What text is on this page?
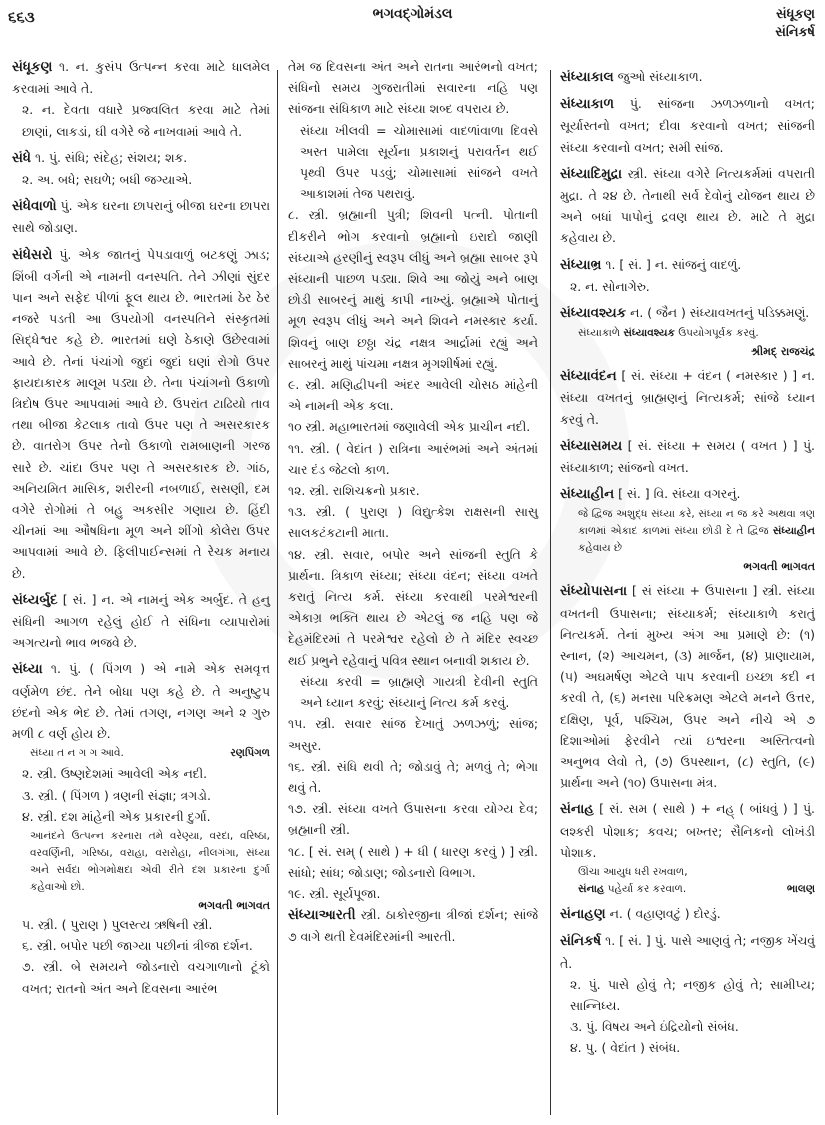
૬૬૩	ભગવદ્ગોમંડલ	સંધૂકણ
સંનિકર્ષ
સંધૂકણ ૧. ન. કુસંપ ઉત્પન્ન કરવા માટે ધાલમેલ કરવામાં આવે તે.

૨. ન. દેવતા વધારે પ્રજ્વલિત કરવા માટે તેમાં છાણાં, લાકડાં, ઘી વગેરે જે નાખવામાં આવે તે.

સંધે ૧. પું. સંધિ; સંદેહ; સંશય; શક.

૨. અ. બધે; સઘળે; બધી જગ્યાએ.

સંધેવાળો પું. એક ઘરના છાપરાનું બીજા ઘરના છાપરા સાથે જોડાણ.
સંધેસરો પું. એક જાતનું પેપડાવાળું બટકણું ઝાડ; શિંબી વર્ગની એ નામની વનસ્પતિ. તેને ઝીણાં સુંદર પાન અને સફેદ પીળાં ફૂલ થાય છે. ભારતમાં ઠેર ઠેર નજરે પડતી આ ઉપયોગી વનસ્પતિને સંસ્કૃતમાં સિદ્ધેશ્વર કહે છે. ભારતમાં ઘણે ઠેકાણે ઉછેરવામાં આવે છે. તેનાં પંચાંગો જુદાં જુદાં ઘણાં રોગો ઉપર ફાયદાકારક માલૂમ પડ્યા છે. તેના પંચાંગનો ઉકાળો ત્રિદોષ ઉપર આપવામાં આવે છે. ઉપરાંત ટાઢિયો તાવ તથા બીજા કેટલાક તાવો ઉપર પણ તે અસરકારક છે. વાતરોગ ઉપર તેનો ઉકાળો રામબાણની ગરજ સારે છે. ચાંદા ઉપર પણ તે અસરકારક છે. ગાંઠ, અનિયમિત માસિક, શરીરની નબળાઈ, સસણી, દમ વગેરે રોગોમાં તે બહુ અકસીર ગણાય છે. હિંદી ચીનમાં આ ઔષધિના મૂળ અને શીંગો કોલેરા ઉપર આપવામાં આવે છે. ફિલીપાઈન્સમાં તે રેચક મનાય છે.
સંધ્યર્બુદ [ સં. ] ન. એ નામનું એક અર્બુદ. તે હનુ સંધિની આગળ રહેલું હોઈ તે સંધિના વ્યાપારોમાં અગત્યનો ભાવ ભજવે છે.
સંધ્યા ૧. પું. ( પિંગળ ) એ નામે એક સમવૃત્ત વર્ણમેળ છંદ. તેને બોધા પણ કહે છે. તે અનુષ્ટુપ છંદનો એક ભેદ છે. તેમાં તગણ, નગણ અને ૨ ગુરુ મળી ૮ વર્ણ હોય છે.
સંધ્યા ત ન ગ ગ આવે.	રણપિંગળ

૨. સ્ત્રી. ઉષ્ણદેશમાં આવેલી એક નદી.

૩. સ્ત્રી. ( પિંગળ ) ત્રણની સંજ્ઞા; ત્રગડો.

૪. સ્ત્રી. દશ માંહેની એક પ્રકારની દુર્ગા.

આનંદને ઉત્પન્ન કરનારા તમે વરેણ્યા, વરદા, વરિષ્ઠા, વરવર્ણિની, ગરિષ્ઠા, વરાહા, વરારોહા, નીલગંગા, સંધ્યા અને સર્વદા ભોગમોક્ષદા એવી રીતે દશ પ્રકારના દુર્ગા કહેવાઓ છો.
ભગવતી ભાગવત

૫. સ્ત્રી. ( પુરાણ ) પુલસ્ત્ય ઋષિની સ્ત્રી.

૬. સ્ત્રી. બપોર પછી જાગ્યા પછીનાં ત્રીજા દર્શન.

૭. સ્ત્રી. બે સમયને જોડનારો વચગાળાનો ટૂંકો વખત; રાતનો અંત અને દિવસના આરંભ

તેમ જ દિવસના અંત અને રાતના આરંભનો વખત; સંધિનો સમય ગુજરાતીમાં સવારના નહિ પણ સાંજના સંધિકાળ માટે સંધ્યા શબ્દ વપરાય છે.

સંધ્યા ખીલવી = ચોમાસામાં વાદળાંવાળા દિવસે અસ્ત પામેલા સૂર્યના પ્રકાશનું પરાવર્તન થઈ પૃથ્વી ઉપર પડવું; ચોમાસામાં સાંજને વખતે આકાશમાં તેજ પથરાવું.

૮. સ્ત્રી. બ્રહ્માની પુત્રી; શિવની પત્ની. પોતાની દીકરીને ભોગ કરવાનો બ્રહ્માનો ઇરાદો જાણી સંધ્યાએ હરણીનું સ્વરૂપ લીધું અને બ્રહ્મા સાબર રૂપે સંધ્યાની પાછળ પડ્યા. શિવે આ જોયું અને બાણ છોડી સાબરનું માથું કાપી નાખ્યું. બ્રહ્માએ પોતાનું મૂળ સ્વરૂપ લીધું અને અને શિવને નમસ્કાર કર્યા. શિવનું બાણ છઠ્ઠા ચંદ્ર નક્ષત્ર આર્દ્રામાં રહ્યું અને સાબરનું માથું પાંચમા નક્ષત્ર મૃગશીર્ષમાં રહ્યું.

૯. સ્ત્રી. મણિદ્વીપની અંદર આવેલી ચોસઠ માંહેની એ નામની એક કલા.

૧૦ સ્ત્રી. મહાભારતમાં જણાવેલી એક પ્રાચીન નદી.

૧૧. સ્ત્રી. ( વેદાંત ) રાત્રિના આરંભમાં અને અંતમાં ચાર દંડ જેટલો કાળ.

૧૨. સ્ત્રી. રાશિચક્રનો પ્રકાર.

૧૩. સ્ત્રી. ( પુરાણ ) વિદ્યુત્કેશ રાક્ષસની સાસુ સાલકટંકટાની માતા.

૧૪. સ્ત્રી. સવાર, બપોર અને સાંજની સ્તુતિ કે પ્રાર્થના. ત્રિકાળ સંધ્યા; સંધ્યા વંદન; સંધ્યા વખતે કરાતું નિત્ય કર્મ. સંધ્યા કરવાથી પરમેશ્વરની એકાગ્ર ભક્તિ થાય છે એટલું જ નહિ પણ જે દેહમંદિરમાં તે પરમેશ્વર રહેલો છે તે મંદિર સ્વચ્છ થઈ પ્રભુને રહેવાનું પવિત્ર સ્થાન બનાવી શકાય છે.

સંધ્યા કરવી = બ્રાહ્મણે ગાયત્રી દેવીની સ્તુતિ અને ધ્યાન કરવું; સંધ્યાનું નિત્ય કર્મ કરવું.

૧૫. સ્ત્રી. સવાર સાંજ દેખાતું ઝળઝળું; સાંજ; અસુર.

૧૬. સ્ત્રી. સંધિ થવી તે; જોડાવું તે; મળવું તે; ભેગા થવું તે.

૧૭. સ્ત્રી. સંધ્યા વખતે ઉપાસના કરવા યોગ્ય દેવ; બ્રહ્માની સ્ત્રી.

૧૮. [ સં. સમ્ ( સાથે ) + ધી ( ધારણ કરવું ) ] સ્ત્રી. સાંધો; સાંધ; જોડાણ; જોડનારો વિભાગ.

૧૯. સ્ત્રી. સૂર્યપૂજા.

સંધ્યાઆરતી સ્ત્રી. ઠાકોરજીના ત્રીજાં દર્શન; સાંજે ૭ વાગે થતી દેવમંદિરમાંની આરતી.
સંધ્યાકાલ જુઓ સંધ્યાકાળ.
સંધ્યાકાળ પું. સાંજના ઝળઝળાનો વખત; સૂર્યાસ્તનો વખત; દીવા કરવાનો વખત; સાંજની સંધ્યા કરવાનો વખત; સમી સાંજ.
સંધ્યાદિમુદ્રા સ્ત્રી. સંધ્યા વગેરે નિત્યકર્મમાં વપરાતી મુદ્રા. તે ૨૪ છે. તેનાથી સર્વ દેવોનું યોજન થાય છે અને બધાં પાપોનું દ્રવણ થાય છે. માટે તે મુદ્રા કહેવાય છે.
સંધ્યાભ્ર ૧. [ સં. ] ન. સાંજનું વાદળું.

૨. ન. સોનાગેરુ.

સંધ્યાવશ્યક ન. ( જૈન ) સંધ્યાવખતનું પડિક્કમણું.
સંધ્યાકાળે સંધ્યાવશ્યક ઉપયોગપૂર્વક કરવું.
શ્રીમદ્ રાજચંદ્ર
સંધ્યાવંદન [ સં. સંધ્યા + વંદન ( નમસ્કાર ) ] ન. સંધ્યા વખતનું બ્રાહ્મણનું નિત્યકર્મ; સાંજે ધ્યાન કરવું તે.
સંધ્યાસમય [ સં. સંધ્યા + સમય ( વખત ) ] પું. સંધ્યાકાળ; સાંજનો વખત.
સંધ્યાહીન [ સં. ] વિ. સંધ્યા વગરનું.
જે દ્વિજ અશુદ્ધ સંધ્યા કરે, સંધ્યા ન જ કરે અથવા ત્રણ કાળમાં એકાદ કાળમાં સંધ્યા છોડી દે તે દ્વિજ સંધ્યાહીન કહેવાય છે
ભગવતી ભાગવત
સંધ્યોપાસના [ સં સંધ્યા + ઉપાસના ] સ્ત્રી. સંધ્યા વખતની ઉપાસના; સંધ્યાકર્મ; સંધ્યાકાળે કરાતું નિત્યકર્મ. તેનાં મુખ્ય અંગ આ પ્રમાણે છે: (૧) સ્નાન, (૨) આચમન, (૩) માર્જન, (૪) પ્રાણાયામ, (૫) અઘમર્ષણ એટલે પાપ કરવાની ઇચ્છા કદી ન કરવી તે, (૬) મનસા પરિક્રમણ એટલે મનને ઉત્તર, દક્ષિણ, પૂર્વ, પશ્ચિમ, ઉપર અને નીચે એ ૭ દિશાઓમાં ફેરવીને ત્યાં ઇશ્વરના અસ્તિત્વનો અનુભવ લેવો તે, (૭) ઉપસ્થાન, (૮) સ્તુતિ, (૯) પ્રાર્થના અને (૧૦) ઉપાસના મંત્ર.
સંનાહ [ સં. સમ ( સાથે ) + નહ્ ( બાંધવું ) ] પું. લશ્કરી પોશાક; કવચ; બખ્તર; સૈનિકનો લોખંડી પોશાક.
ઊંચા આયુધ ધરી રખવાળ,
સંનાહ પહેર્યા કર કરવાળ.	ભાલણ
સંનાહણ ન. ( વહાણવટું ) દોરડું.
સંનિકર્ષ ૧. [ સં. ] પું. પાસે આણવું તે; નજીક ખેંચવું તે.

૨. પું. પાસે હોવું તે; નજીક હોવું તે; સામીપ્ય; સાન્નિધ્ય.

૩. પું. વિષય અને ઇંદ્રિયોનો સંબંધ.

૪. પુ. ( વેદાંત ) સંબંધ.
